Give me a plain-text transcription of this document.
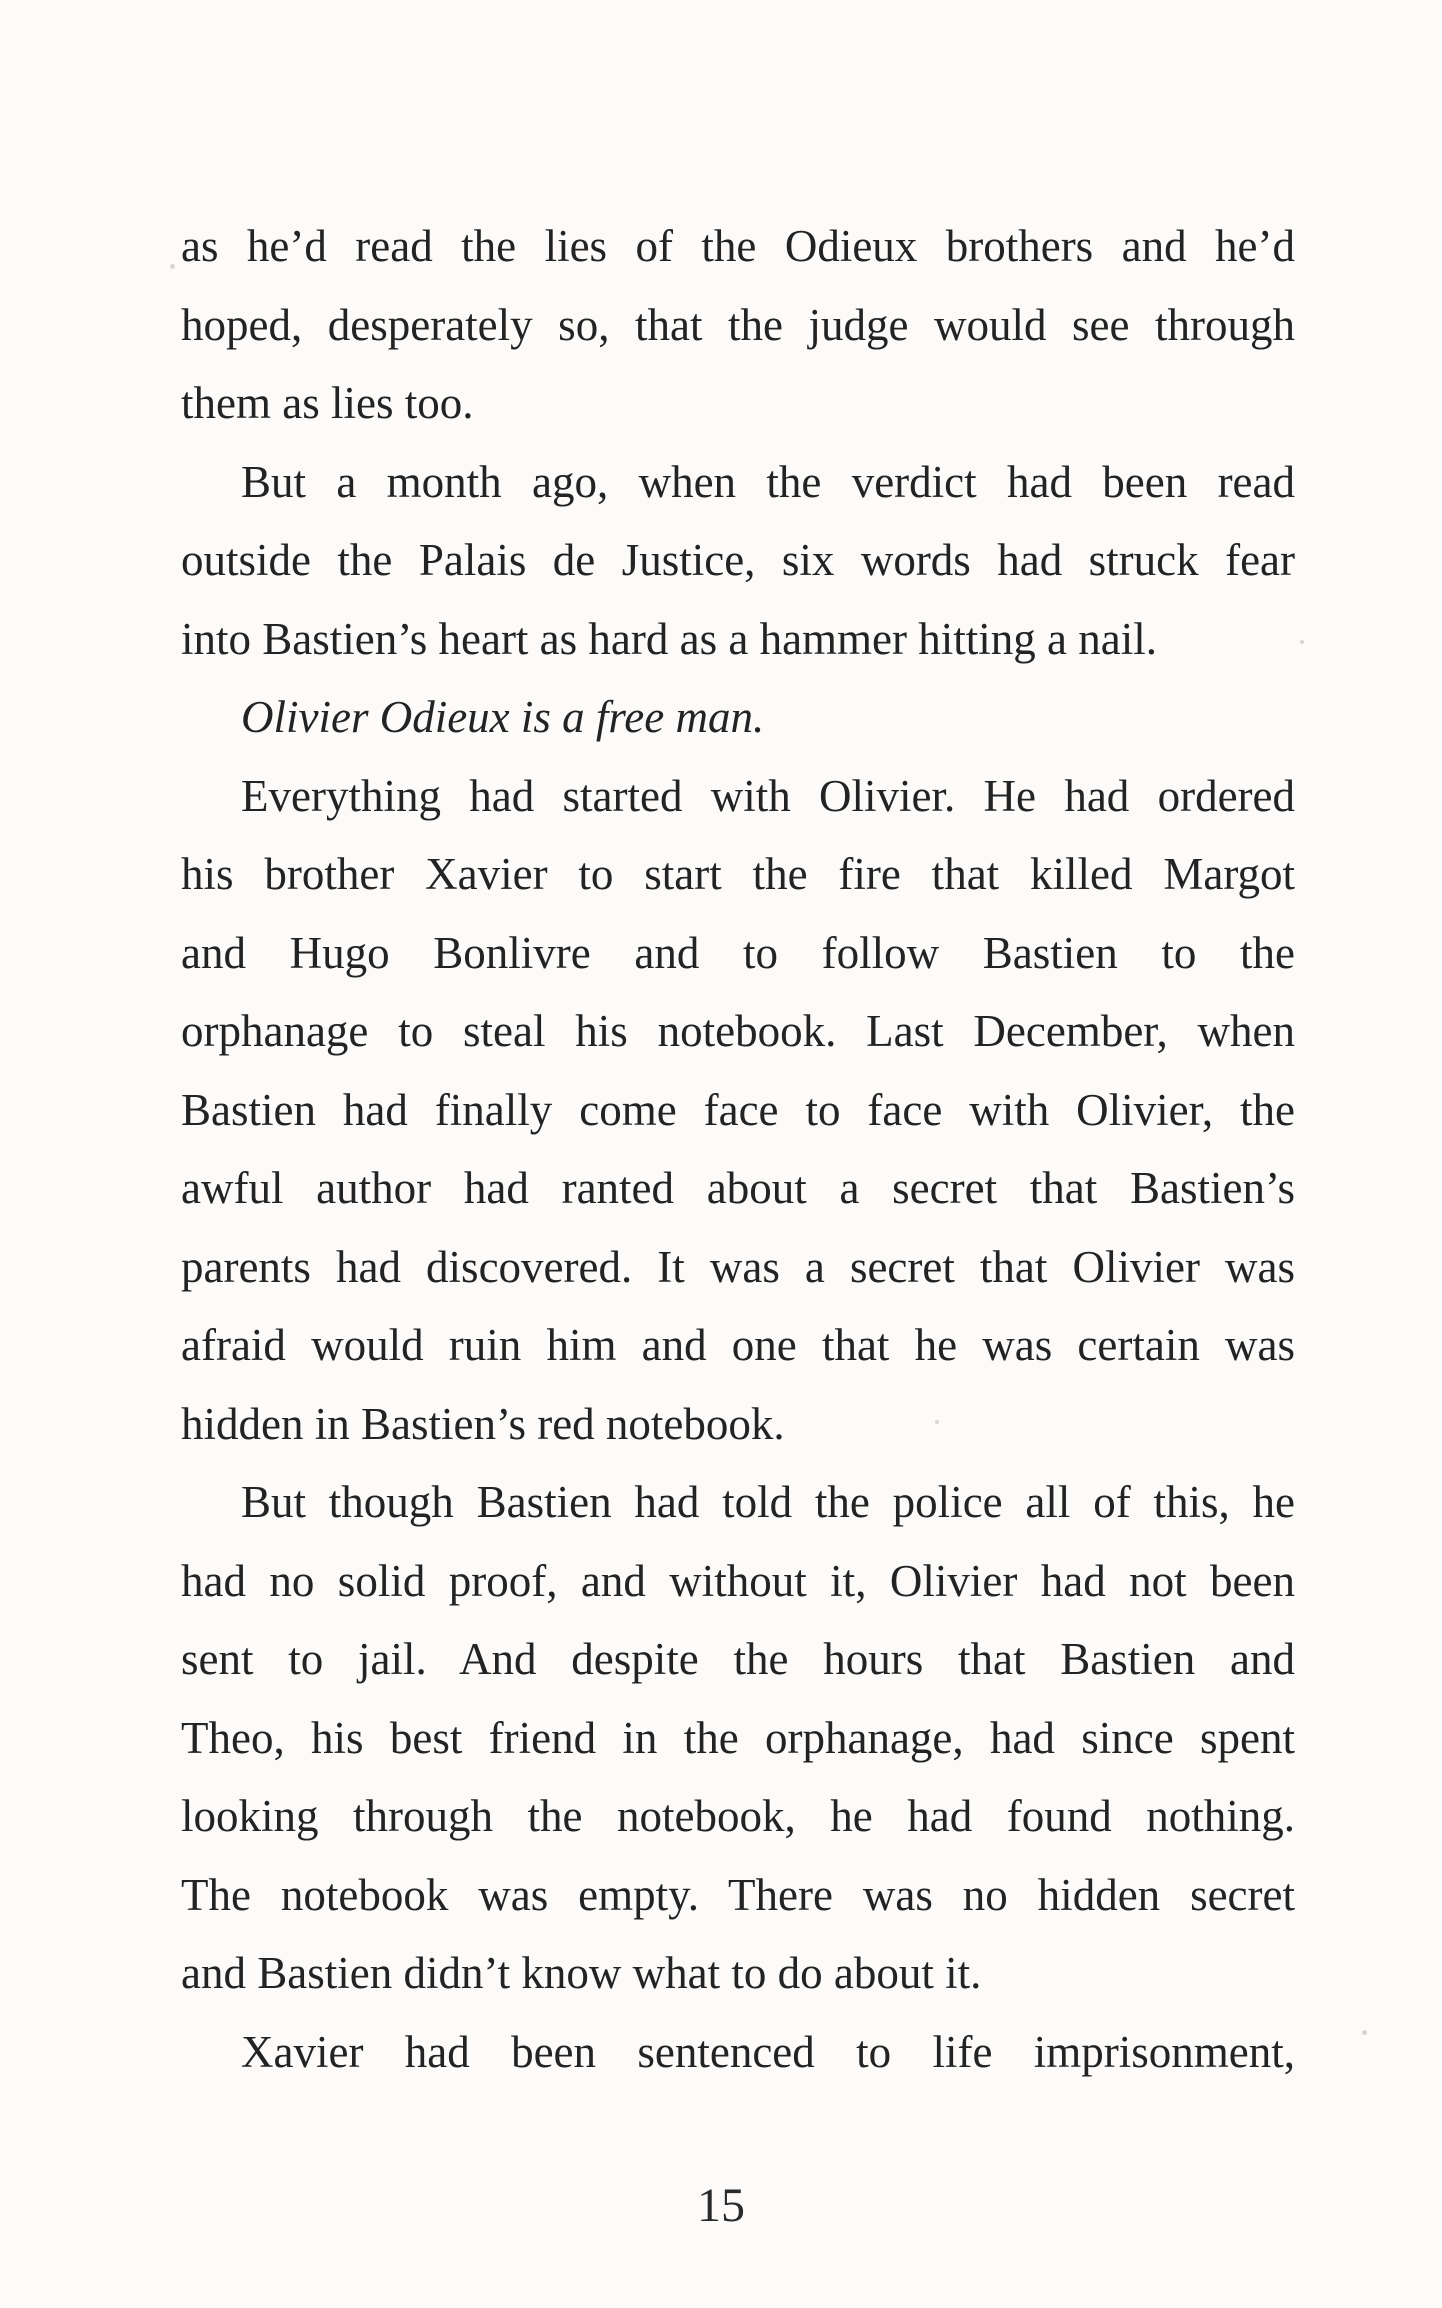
as he’d read the lies of the Odieux brothers and he’d
hoped, desperately so, that the judge would see through
them as lies too.
But a month ago, when the verdict had been read
outside the Palais de Justice, six words had struck fear
into Bastien’s heart as hard as a hammer hitting a nail.
Olivier Odieux is a free man.
Everything had started with Olivier. He had ordered
his brother Xavier to start the fire that killed Margot
and Hugo Bonlivre and to follow Bastien to the
orphanage to steal his notebook. Last December, when
Bastien had finally come face to face with Olivier, the
awful author had ranted about a secret that Bastien’s
parents had discovered. It was a secret that Olivier was
afraid would ruin him and one that he was certain was
hidden in Bastien’s red notebook.
But though Bastien had told the police all of this, he
had no solid proof, and without it, Olivier had not been
sent to jail. And despite the hours that Bastien and
Theo, his best friend in the orphanage, had since spent
looking through the notebook, he had found nothing.
The notebook was empty. There was no hidden secret
and Bastien didn’t know what to do about it.
Xavier had been sentenced to life imprisonment,
15
